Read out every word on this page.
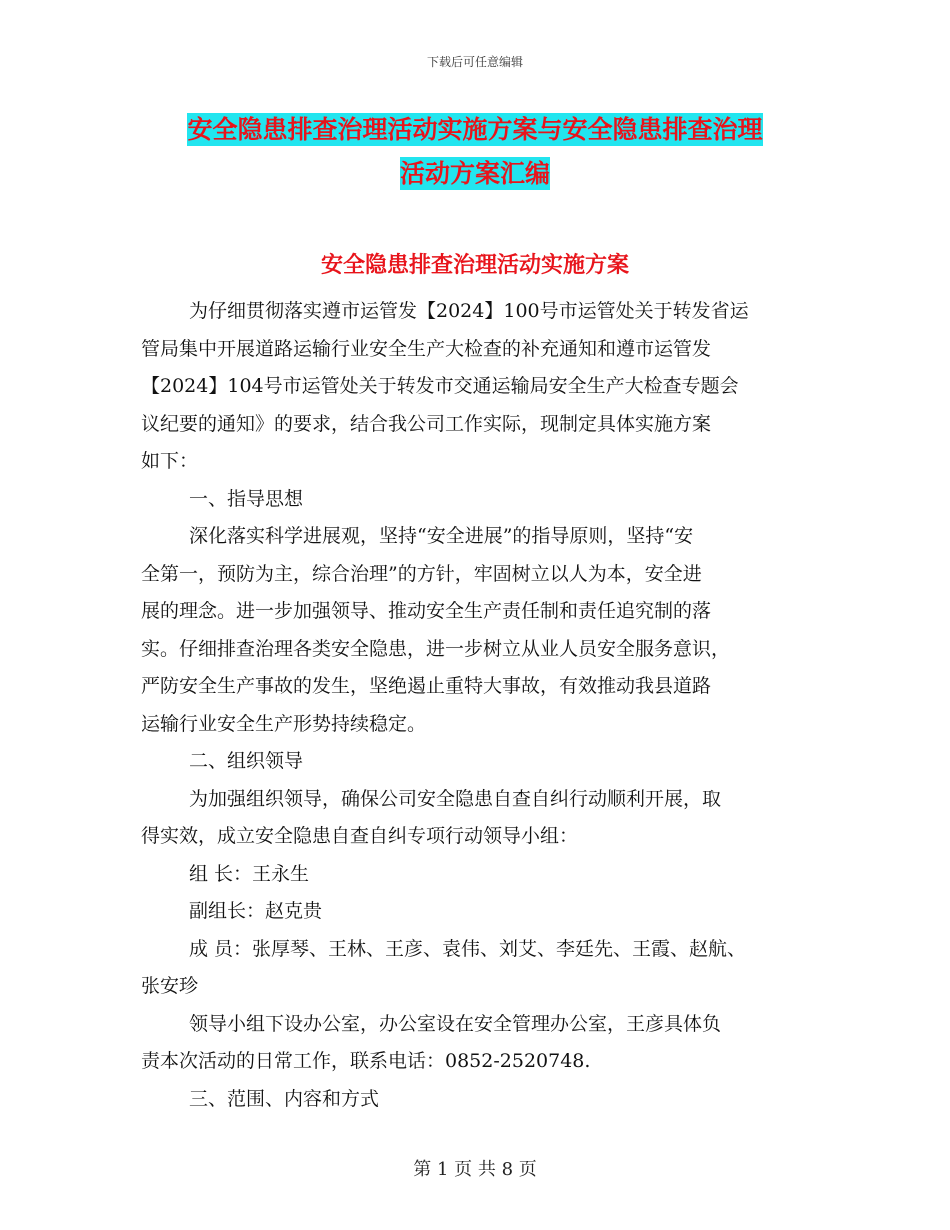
下载后可任意编辑
安全隐患排查治理活动实施方案与安全隐患排查治理
活动方案汇编
安全隐患排查治理活动实施方案
为仔细贯彻落实遵市运管发【2024】100号市运管处关于转发省运
管局集中开展道路运输行业安全生产大检查的补充通知和遵市运管发
【2024】104号市运管处关于转发市交通运输局安全生产大检查专题会
议纪要的通知》的要求，结合我公司工作实际，现制定具体实施方案
如下：
一、指导思想
深化落实科学进展观，坚持“安全进展”的指导原则，坚持“安
全第一，预防为主，综合治理”的方针，牢固树立以人为本，安全进
展的理念。进一步加强领导、推动安全生产责任制和责任追究制的落
实。仔细排查治理各类安全隐患，进一步树立从业人员安全服务意识，
严防安全生产事故的发生，坚绝遏止重特大事故，有效推动我县道路
运输行业安全生产形势持续稳定。
二、组织领导
为加强组织领导，确保公司安全隐患自查自纠行动顺利开展，取
得实效，成立安全隐患自查自纠专项行动领导小组：
组 长：王永生
副组长：赵克贵
成 员：张厚琴、王林、王彦、袁伟、刘艾、李廷先、王霞、赵航、
张安珍
领导小组下设办公室，办公室设在安全管理办公室，王彦具体负
责本次活动的日常工作，联系电话：0852-2520748.
三、范围、内容和方式
第 1 页 共 8 页
